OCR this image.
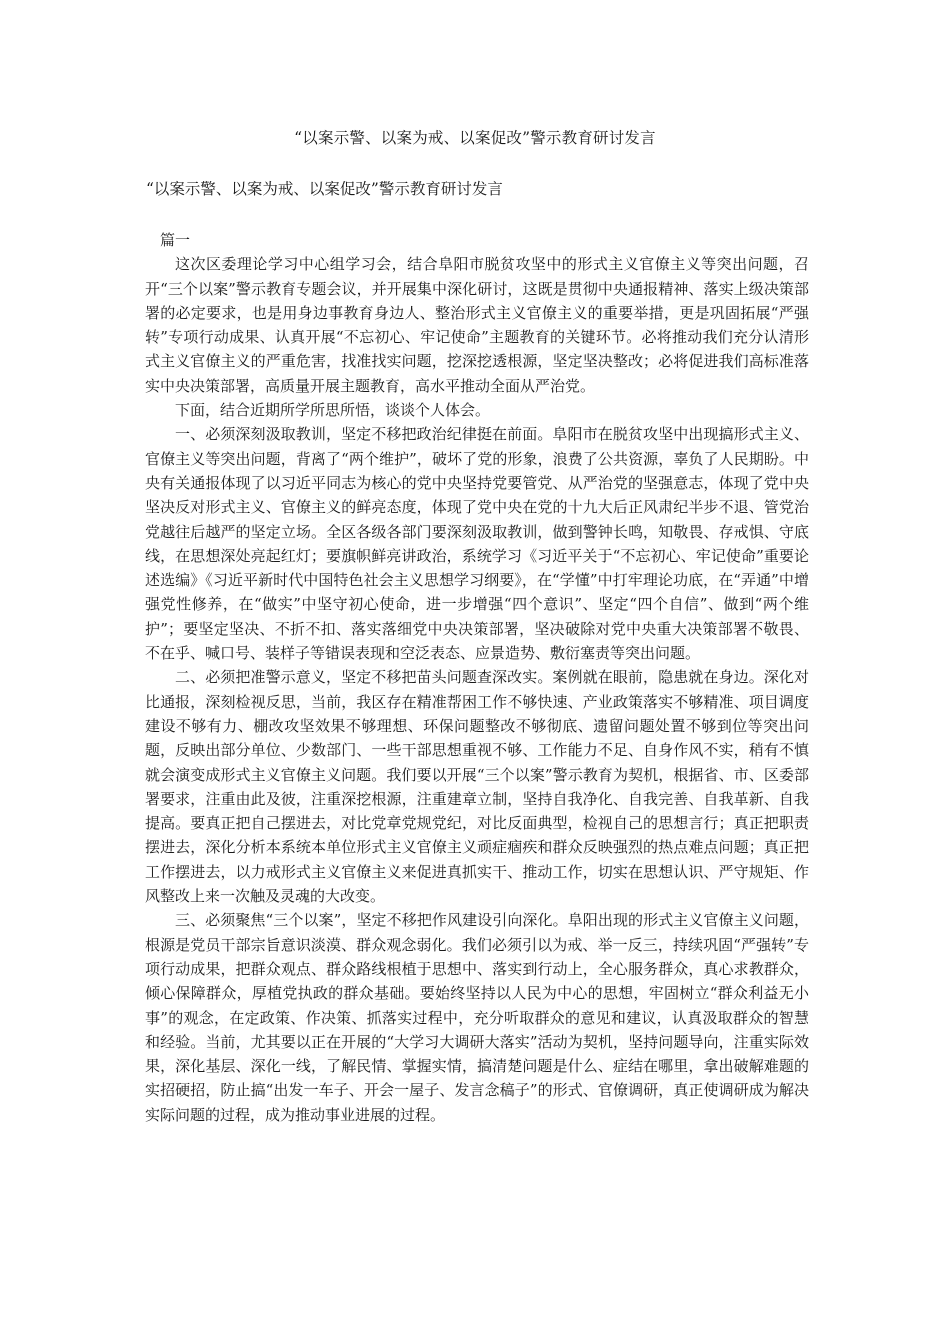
“以案示警、以案为戒、以案促改”警示教育研讨发言
“以案示警、以案为戒、以案促改”警示教育研讨发言

篇一

这次区委理论学习中心组学习会，结合阜阳市脱贫攻坚中的形式主义官僚主义等突出问题，召开“三个以案”警示教育专题会议，并开展集中深化研讨，这既是贯彻中央通报精神、落实上级决策部署的必定要求，也是用身边事教育身边人、整治形式主义官僚主义的重要举措，更是巩固拓展“严强转”专项行动成果、认真开展“不忘初心、牢记使命”主题教育的关键环节。必将推动我们充分认清形式主义官僚主义的严重危害，找准找实问题，挖深挖透根源，坚定坚决整改；必将促进我们高标准落实中央决策部署，高质量开展主题教育，高水平推动全面从严治党。

下面，结合近期所学所思所悟，谈谈个人体会。

一、必须深刻汲取教训，坚定不移把政治纪律挺在前面。阜阳市在脱贫攻坚中出现搞形式主义、官僚主义等突出问题，背离了“两个维护”，破坏了党的形象，浪费了公共资源，辜负了人民期盼。中央有关通报体现了以习近平同志为核心的党中央坚持党要管党、从严治党的坚强意志，体现了党中央坚决反对形式主义、官僚主义的鲜亮态度，体现了党中央在党的十九大后正风肃纪半步不退、管党治党越往后越严的坚定立场。全区各级各部门要深刻汲取教训，做到警钟长鸣，知敬畏、存戒惧、守底线，在思想深处亮起红灯；要旗帜鲜亮讲政治，系统学习《习近平关于“不忘初心、牢记使命”重要论述选编》《习近平新时代中国特色社会主义思想学习纲要》，在“学懂”中打牢理论功底，在“弄通”中增强党性修养，在“做实”中坚守初心使命，进一步增强“四个意识”、坚定“四个自信”、做到“两个维护”；要坚定坚决、不折不扣、落实落细党中央决策部署，坚决破除对党中央重大决策部署不敬畏、不在乎、喊口号、装样子等错误表现和空泛表态、应景造势、敷衍塞责等突出问题。

二、必须把准警示意义，坚定不移把苗头问题查深改实。案例就在眼前，隐患就在身边。深化对比通报，深刻检视反思，当前，我区存在精准帮困工作不够快速、产业政策落实不够精准、项目调度建设不够有力、棚改攻坚效果不够理想、环保问题整改不够彻底、遗留问题处置不够到位等突出问题，反映出部分单位、少数部门、一些干部思想重视不够、工作能力不足、自身作风不实，稍有不慎就会演变成形式主义官僚主义问题。我们要以开展“三个以案”警示教育为契机，根据省、市、区委部署要求，注重由此及彼，注重深挖根源，注重建章立制，坚持自我净化、自我完善、自我革新、自我提高。要真正把自己摆进去，对比党章党规党纪，对比反面典型，检视自己的思想言行；真正把职责摆进去，深化分析本系统本单位形式主义官僚主义顽症痼疾和群众反映强烈的热点难点问题；真正把工作摆进去，以力戒形式主义官僚主义来促进真抓实干、推动工作，切实在思想认识、严守规矩、作风整改上来一次触及灵魂的大改变。

三、必须聚焦“三个以案”，坚定不移把作风建设引向深化。阜阳出现的形式主义官僚主义问题，根源是党员干部宗旨意识淡漠、群众观念弱化。我们必须引以为戒、举一反三，持续巩固“严强转”专项行动成果，把群众观点、群众路线根植于思想中、落实到行动上，全心服务群众，真心求教群众，倾心保障群众，厚植党执政的群众基础。要始终坚持以人民为中心的思想，牢固树立“群众利益无小事”的观念，在定政策、作决策、抓落实过程中，充分听取群众的意见和建议，认真汲取群众的智慧和经验。当前，尤其要以正在开展的“大学习大调研大落实”活动为契机，坚持问题导向，注重实际效果，深化基层、深化一线，了解民情、掌握实情，搞清楚问题是什么、症结在哪里，拿出破解难题的实招硬招，防止搞“出发一车子、开会一屋子、发言念稿子”的形式、官僚调研，真正使调研成为解决实际问题的过程，成为推动事业进展的过程。
